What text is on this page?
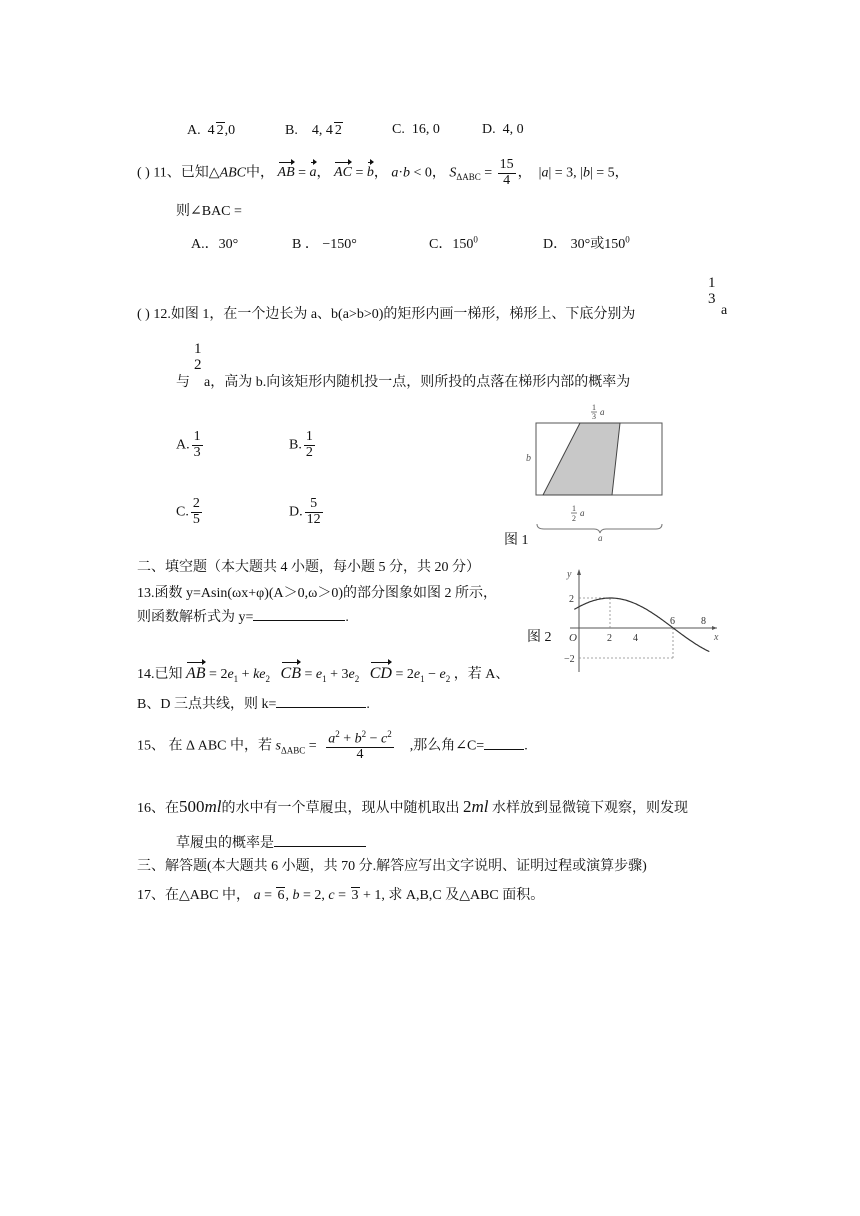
A.  4 2,0	B. 4, 4 2	C. 16, 0	D. 4, 0
( ) 11、已知△ABC中， AB = a， AC = b， a·b < 0， $S_{\Delta ABC} = \frac{15}{4}$ ，  |a| = 3, |b| = 5，
则∠BAC =
A.．30°	B ． −150°	C．$150^0$	D． 30°或$150^0$
( ) 12.如图 1，在一个边长为 a、b(a>b>0)的矩形内画一梯形，梯形上、下底分别为
1
3
a
1
2
与 a，高为 b.向该矩形内随机投一点，则所投的点落在梯形内部的概率为
A. $\frac{1}{3}$	B. $\frac{1}{2}$
C. $\frac{2}{5}$	D. $\frac{5}{12}$
1
3 a
b
1
2
a
a
图 1
二、填空题（本大题共 4 小题，每小题 5 分，共 20 分）
13.函数 y=Asin(ωx+φ)(A＞0,ω＞0)的部分图象如图 2 所示，
则函数解析式为 y=	.
图 2
y
x
O
2
−2
2 4
6	8
14.已知 AB = $2e_1 + ke_2$ CB = $e_1 + 3e_2$ CD = $2e_1 - e_2$ ，若 A、
B、D 三点共线，则 k=	.
15、 在 Δ ABC 中，若 $s_{\Delta ABC} = \frac{a^2 + b^2 - c^2}{4}$ ,那么角∠C=	.
16、在500ml的水中有一个草履虫，现从中随机取出 2ml 水样放到显微镜下观察，则发现
草履虫的概率是
三、解答题(本大题共 6 小题，共 70 分.解答应写出文字说明、证明过程或演算步骤)
17、在△ABC 中， a = 6, b = 2, c = 3 + 1, 求 A,B,C 及△ABC 面积。
